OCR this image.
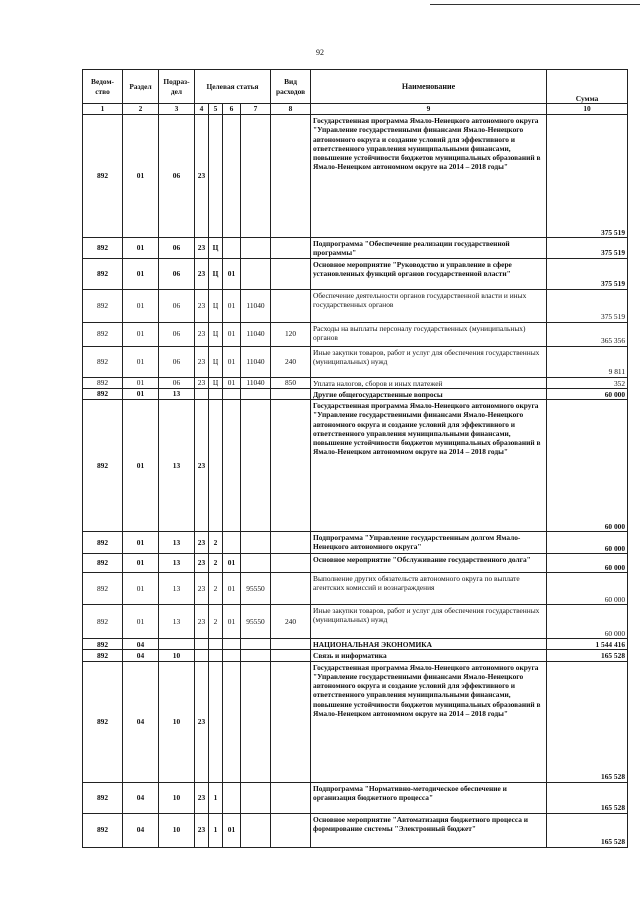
92
Ведом-ство	Раздел	Подраз-дел	Целевая статья				Вид расходов	Наименование	Сумма
1	2	3	4	5	6	7	8	9	10
892	01	06	23					Государственная программа Ямало-Ненецкого автономного округа "Управление государственными финансами Ямало-Ненецкого автономного округа и создание условий для эффективного и ответственного управления муниципальными финансами, повышение устойчивости бюджетов муниципальных образований в Ямало-Ненецком автономном округе на 2014 – 2018 годы"	375 519
892	01	06	23	Ц				Подпрограмма "Обеспечение реализации государственной программы"	375 519
892	01	06	23	Ц	01			Основное мероприятие "Руководство и управление в сфере установленных функций органов государственной власти"	375 519
892	01	06	23	Ц	01	11040		Обеспечение деятельности органов государственной власти и иных государственных органов	375 519
892	01	06	23	Ц	01	11040	120	Расходы на выплаты персоналу государственных (муниципальных) органов	365 356
892	01	06	23	Ц	01	11040	240	Иные закупки товаров, работ и услуг для обеспечения государственных (муниципальных) нужд	9 811
892	01	06	23	Ц	01	11040	850	Уплата налогов, сборов и иных платежей	352
892	01	13						Другие общегосударственные вопросы	60 000
892	01	13	23					Государственная программа Ямало-Ненецкого автономного округа "Управление государственными финансами Ямало-Ненецкого автономного округа и создание условий для эффективного и ответственного управления муниципальными финансами, повышение устойчивости бюджетов муниципальных образований в Ямало-Ненецком автономном округе на 2014 – 2018 годы"	60 000
892	01	13	23	2				Подпрограмма "Управление государственным долгом Ямало-Ненецкого автономного округа"	60 000
892	01	13	23	2	01			Основное мероприятие "Обслуживание государственного долга"	60 000
892	01	13	23	2	01	95550		Выполнение других обязательств автономного округа по выплате агентских комиссий и вознаграждения	60 000
892	01	13	23	2	01	95550	240	Иные закупки товаров, работ и услуг для обеспечения государственных (муниципальных) нужд	60 000
892	04							НАЦИОНАЛЬНАЯ ЭКОНОМИКА	1 544 416
892	04	10						Связь и информатика	165 528
892	04	10	23					Государственная программа Ямало-Ненецкого автономного округа "Управление государственными финансами Ямало-Ненецкого автономного округа и создание условий для эффективного и ответственного управления муниципальными финансами, повышение устойчивости бюджетов муниципальных образований в Ямало-Ненецком автономном округе на 2014 – 2018 годы"	165 528
892	04	10	23	1				Подпрограмма "Нормативно-методическое обеспечение и организация бюджетного процесса"	165 528
892	04	10	23	1	01			Основное мероприятие "Автоматизация бюджетного процесса и формирование системы "Электронный бюджет"	165 528
